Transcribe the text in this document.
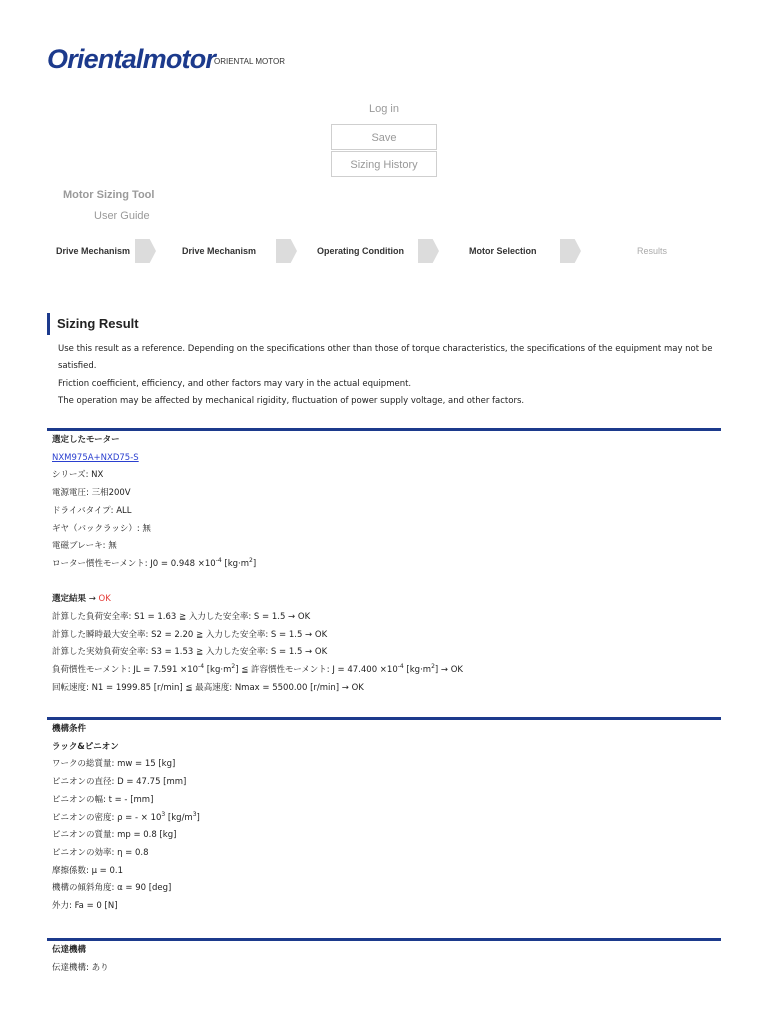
Orientalmotor
ORIENTAL MOTOR
Log in
Save
Sizing History
Motor Sizing Tool
User Guide
Drive Mechanism	Drive Mechanism	Operating Condition	Motor Selection	Results
Sizing Result
Use this result as a reference. Depending on the specifications other than those of torque characteristics, the specifications of the equipment may not be
satisfied.
Friction coefficient, efficiency, and other factors may vary in the actual equipment.
The operation may be affected by mechanical rigidity, fluctuation of power supply voltage, and other factors.
選定したモーター
NXM975A+NXD75-S
シリーズ: NX
電源電圧: 三相200V
ドライバタイプ: ALL
ギヤ（バックラッシ）: 無
電磁ブレーキ: 無
ローター慣性モーメント: $J0 = 0.948 \times 10^{-4}$ $[kg\cdot m^2]$
選定結果 → OK
計算した負荷安全率: S1 = 1.63 ≧ 入力した安全率: S = 1.5 → OK
計算した瞬時最大安全率: S2 = 2.20 ≧ 入力した安全率: S = 1.5 → OK
計算した実効負荷安全率: S3 = 1.53 ≧ 入力した安全率: S = 1.5 → OK
負荷慣性モーメント: JL = $7.591 \times 10^{-4}$ $[kg\cdot m^2]$ ≦ 許容慣性モーメント: $J = 47.400 \times 10^{-4}$ $[kg\cdot m^2]$ → OK
回転速度: N1 = 1999.85 [r/min] ≦ 最高速度: Nmax = 5500.00 [r/min] → OK
機構条件
ラック&ピニオン
ワークの総質量: mw = 15 [kg]
ピニオンの直径: D = 47.75 [mm]
ピニオンの幅: t = - [mm]
ピニオンの密度: ρ = - × $10^3$ $[kg/m^3]$
ピニオンの質量: mp = 0.8 [kg]
ピニオンの効率: η = 0.8
摩擦係数: μ = 0.1
機構の傾斜角度: α = 90 [deg]
外力: Fa = 0 [N]
伝達機構
伝達機構: あり
